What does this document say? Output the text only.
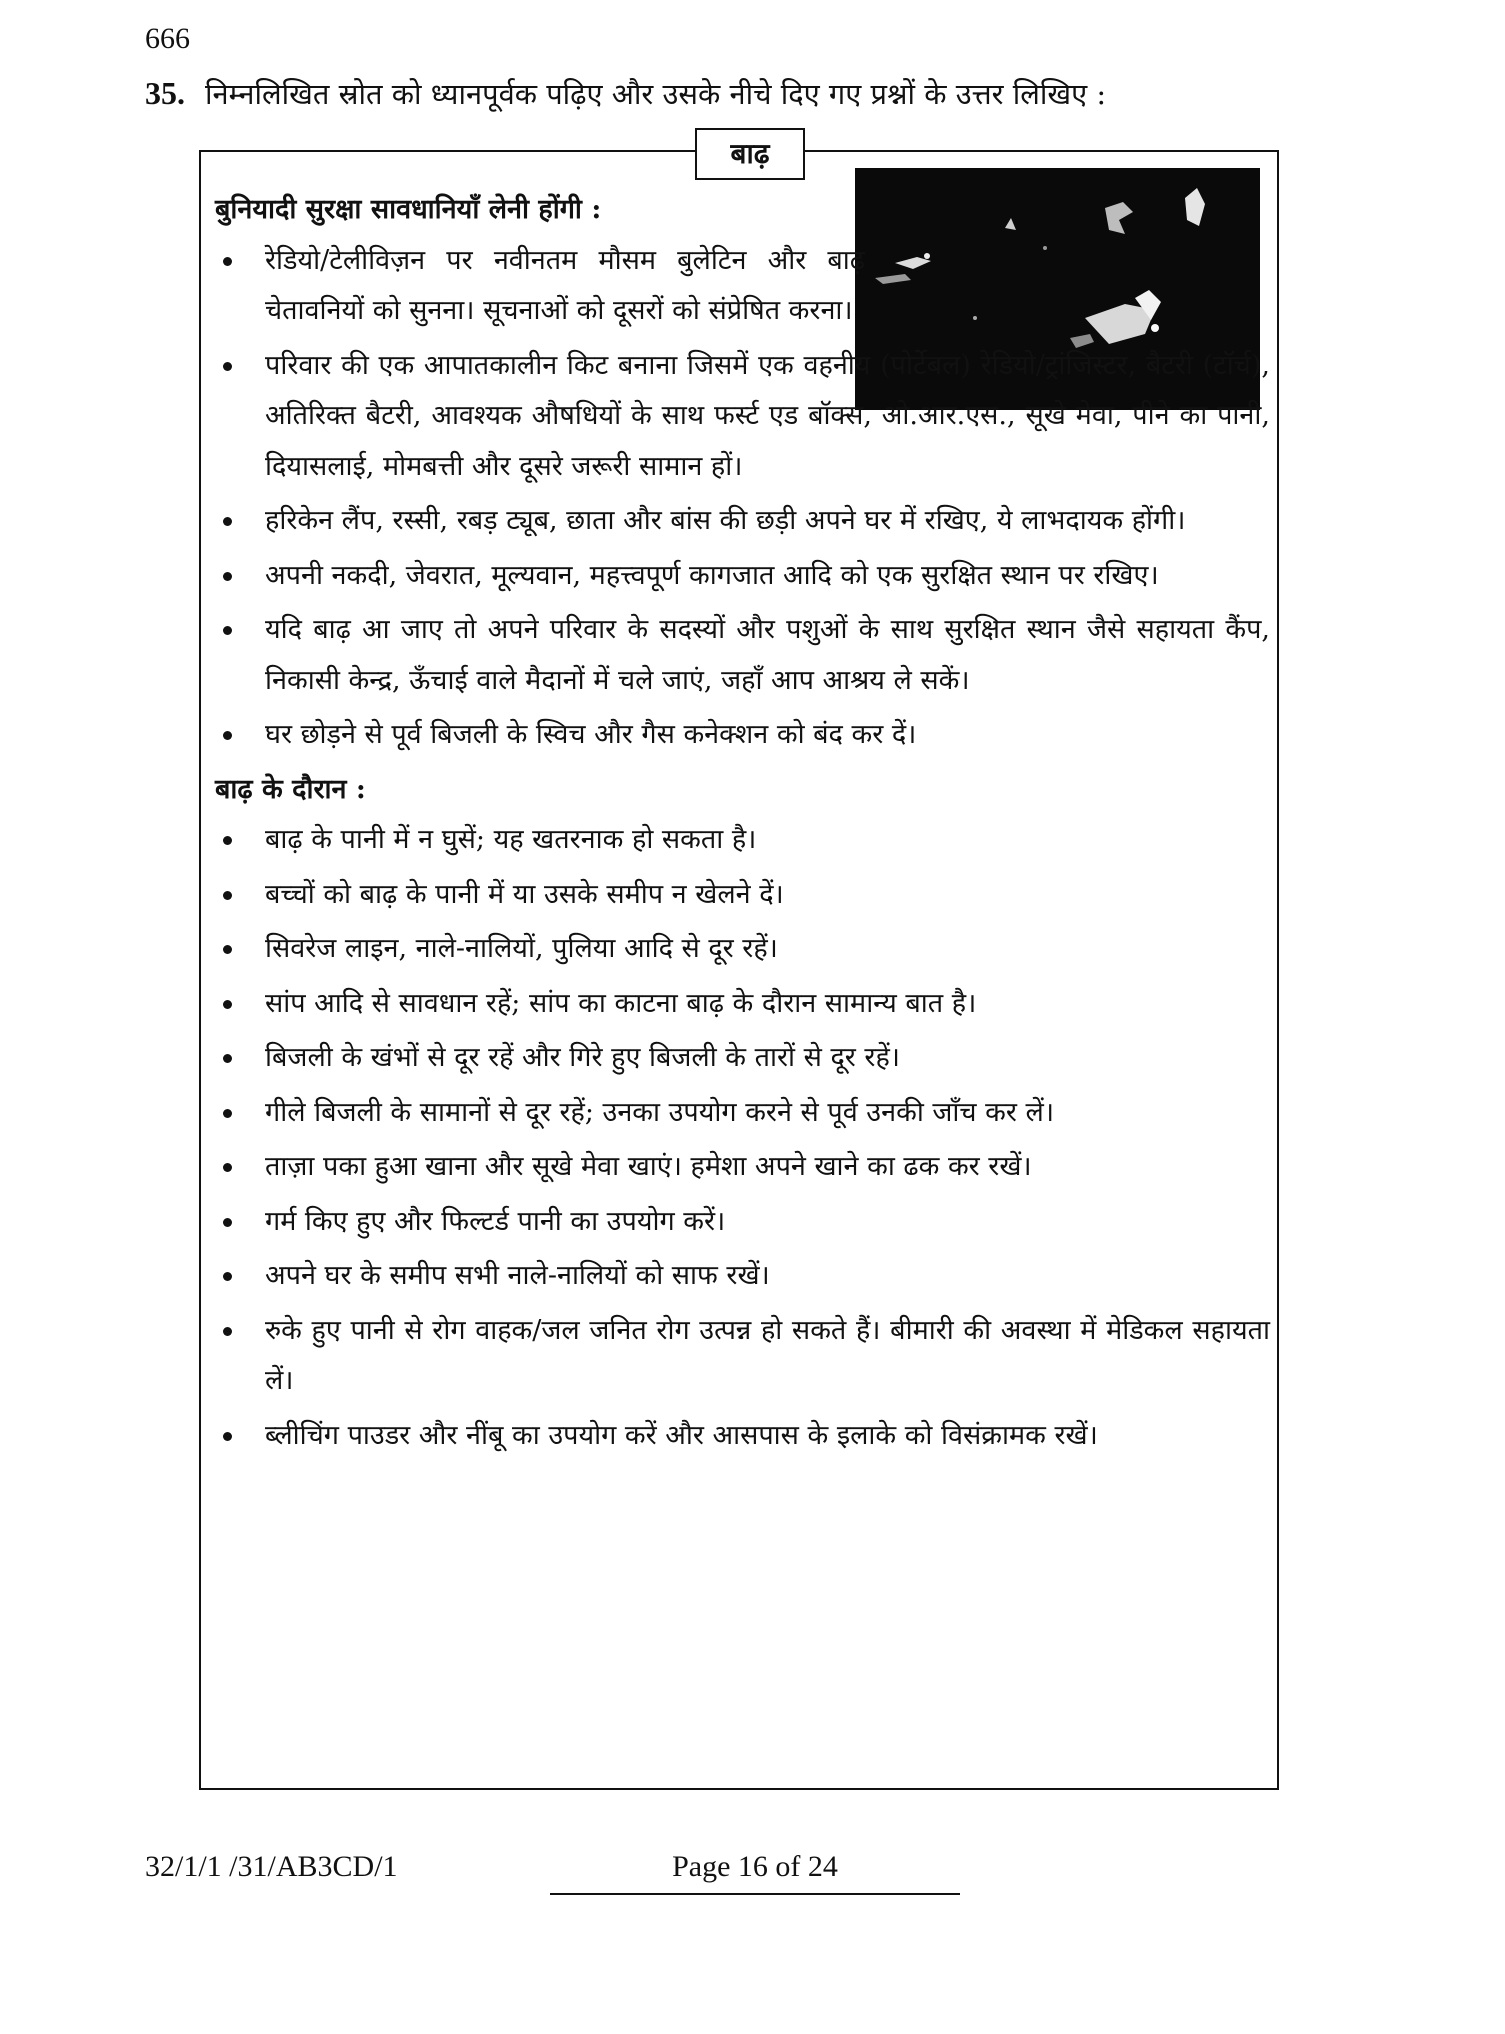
666
35. निम्नलिखित स्रोत को ध्यानपूर्वक पढ़िए और उसके नीचे दिए गए प्रश्नों के उत्तर लिखिए :
बाढ़

बुनियादी सुरक्षा सावधानियाँ लेनी होंगी :

रेडियो/टेलीविज़न पर नवीनतम मौसम बुलेटिन और बाढ़ चेतावनियों को सुनना। सूचनाओं को दूसरों को संप्रेषित करना।
परिवार की एक आपातकालीन किट बनाना जिसमें एक वहनीय (पोर्टेबल) रेडियो/ट्रांजिस्टर, बैटरी (टॉर्च), अतिरिक्त बैटरी, आवश्यक औषधियों के साथ फर्स्ट एड बॉक्स, ओ.आर.एस., सूखे मेवा, पीने का पानी, दियासलाई, मोमबत्ती और दूसरे जरूरी सामान हों।
हरिकेन लैंप, रस्सी, रबड़ ट्यूब, छाता और बांस की छड़ी अपने घर में रखिए, ये लाभदायक होंगी।
अपनी नकदी, जेवरात, मूल्यवान, महत्त्वपूर्ण कागजात आदि को एक सुरक्षित स्थान पर रखिए।
यदि बाढ़ आ जाए तो अपने परिवार के सदस्यों और पशुओं के साथ सुरक्षित स्थान जैसे सहायता कैंप, निकासी केन्द्र, ऊँचाई वाले मैदानों में चले जाएं, जहाँ आप आश्रय ले सकें।
घर छोड़ने से पूर्व बिजली के स्विच और गैस कनेक्शन को बंद कर दें।

बाढ़ के दौरान :

बाढ़ के पानी में न घुसें; यह खतरनाक हो सकता है।
बच्चों को बाढ़ के पानी में या उसके समीप न खेलने दें।
सिवरेज लाइन, नाले-नालियों, पुलिया आदि से दूर रहें।
सांप आदि से सावधान रहें; सांप का काटना बाढ़ के दौरान सामान्य बात है।
बिजली के खंभों से दूर रहें और गिरे हुए बिजली के तारों से दूर रहें।
गीले बिजली के सामानों से दूर रहें; उनका उपयोग करने से पूर्व उनकी जाँच कर लें।
ताज़ा पका हुआ खाना और सूखे मेवा खाएं। हमेशा अपने खाने का ढक कर रखें।
गर्म किए हुए और फिल्टर्ड पानी का उपयोग करें।
अपने घर के समीप सभी नाले-नालियों को साफ रखें।
रुके हुए पानी से रोग वाहक/जल जनित रोग उत्पन्न हो सकते हैं। बीमारी की अवस्था में मेडिकल सहायता लें।
ब्लीचिंग पाउडर और नींबू का उपयोग करें और आसपास के इलाके को विसंक्रामक रखें।
32/1/1 /31/AB3CD/1	Page 16 of 24
